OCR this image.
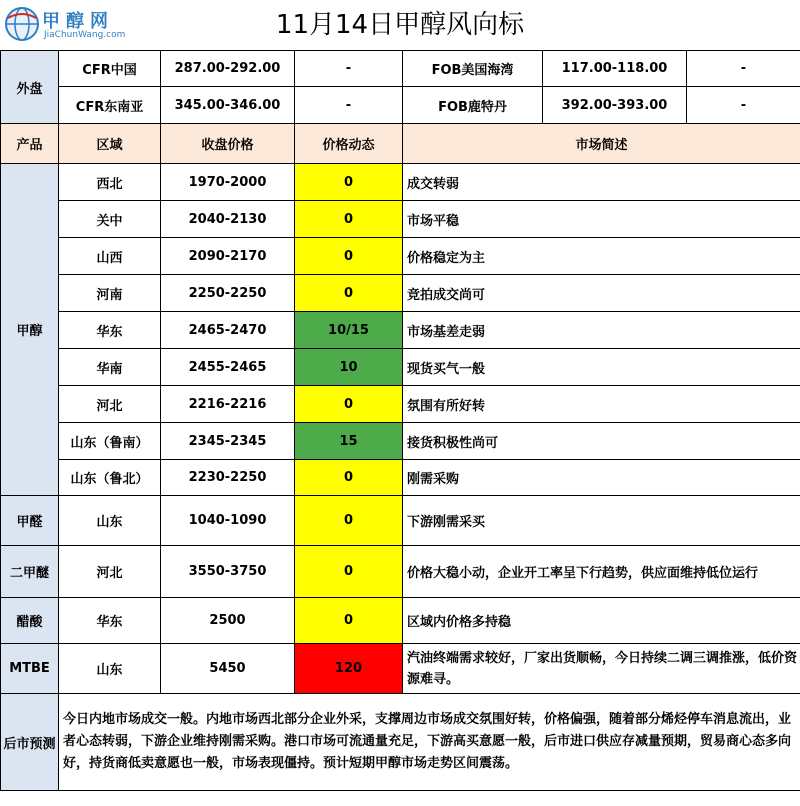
甲醇网
JiaChunWang.com	11月14日甲醇风向标
外盘	CFR中国	287.00-292.00	-	FOB美国海湾	117.00-118.00	-
	CFR东南亚	345.00-346.00	-	FOB鹿特丹	392.00-393.00	-
产品	区域	收盘价格	价格动态	市场简述		
甲醇	西北	1970-2000	0	成交转弱		
	关中	2040-2130	0	市场平稳		
	山西	2090-2170	0	价格稳定为主		
	河南	2250-2250	0	竞拍成交尚可		
	华东	2465-2470	10/15	市场基差走弱		
	华南	2455-2465	10	现货买气一般		
	河北	2216-2216	0	氛围有所好转		
	山东（鲁南）	2345-2345	15	接货积极性尚可		
	山东（鲁北）	2230-2250	0	刚需采购		
甲醛	山东	1040-1090	0	下游刚需采买		
二甲醚	河北	3550-3750	0	价格大稳小动，企业开工率呈下行趋势，供应面维持低位运行		
醋酸	华东	2500	0	区域内价格多持稳		
MTBE	山东	5450	120	汽油终端需求较好，厂家出货顺畅，今日持续二调三调推涨，低价资源难寻。		
后市预测	今日内地市场成交一般。内地市场西北部分企业外采，支撑周边市场成交氛围好转，价格偏强，随着部分烯烃停车消息流出，业者心态转弱，下游企业维持刚需采购。港口市场可流通量充足，下游高买意愿一般，后市进口供应存减量预期，贸易商心态多向好，持货商低卖意愿也一般，市场表现僵持。预计短期甲醇市场走势区间震荡。					
